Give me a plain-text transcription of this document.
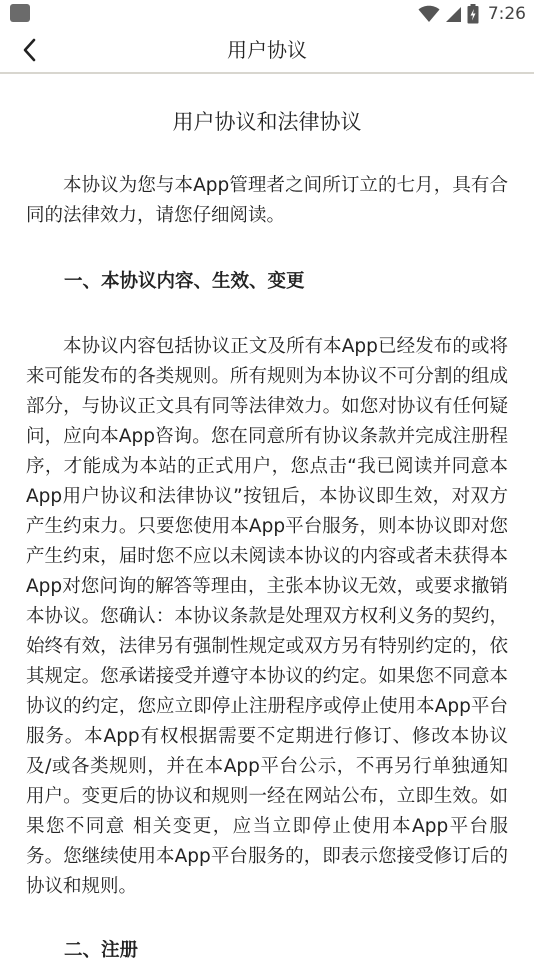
7:26
用户协议
用户协议和法律协议

本协议为您与本App管理者之间所订立的七月，具有合同的法律效力，请您仔细阅读。

一、本协议内容、生效、变更

本协议内容包括协议正文及所有本App已经发布的或将来可能发布的各类规则。所有规则为本协议不可分割的组成部分，与协议正文具有同等法律效力。如您对协议有任何疑问，应向本App咨询。您在同意所有协议条款并完成注册程序，才能成为本站的正式用户，您点击“我已阅读并同意本App用户协议和法律协议”按钮后，本协议即生效，对双方产生约束力。只要您使用本App平台服务，则本协议即对您产生约束，届时您不应以未阅读本协议的内容或者未获得本App对您问询的解答等理由，主张本协议无效，或要求撤销本协议。您确认：本协议条款是处理双方权利义务的契约，始终有效，法律另有强制性规定或双方另有特别约定的，依其规定。您承诺接受并遵守本协议的约定。如果您不同意本协议的约定，您应立即停止注册程序或停止使用本App平台服务。本App有权根据需要不定期进行修订、修改本协议及/或各类规则，并在本App平台公示，不再另行单独通知用户。变更后的协议和规则一经在网站公布，立即生效。如果您不同意 相关变更，应当立即停止使用本App平台服务。您继续使用本App平台服务的，即表示您接受修订后的协议和规则。

二、注册
